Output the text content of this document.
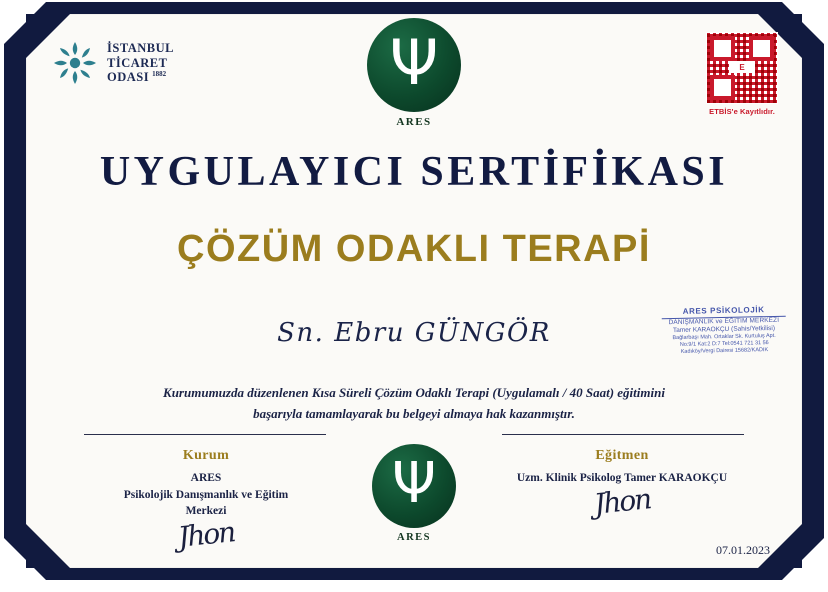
İSTANBUL
TİCARET
ODASI $^{1882}$	Ψ
ARES
E
ETBİS'e Kayıtlıdır.
UYGULAYICI SERTİFİKASI
ÇÖZÜM ODAKLI TERAPİ
Sn. Ebru GÜNGÖR
ARES PSİKOLOJİK
DANIŞMANLIK ve EĞİTİM MERKEZİ
Tamer KARAOKÇU (Sahis/Yetkilisi)
Bağlarbaşı Mah. Ortaklar Sk. Kurtuluş Apt.
No:9/1 Kat:2 D:7 Tel:0541 721 31 56
Kadıköy/Vergi Dairesi 15682/KADIK
Kurumumuzda düzenlenen Kısa Süreli Çözüm Odaklı Terapi (Uygulamalı / 40 Saat) eğitimini
başarıyla tamamlayarak bu belgeyi almaya hak kazanmıştır.
Kurum
ARES
Psikolojik Danışmanlık ve Eğitim
Merkezi
Jhon
Eğitmen
Uzm. Klinik Psikolog Tamer KARAOKÇU
Jhon
Ψ
ARES
07.01.2023
